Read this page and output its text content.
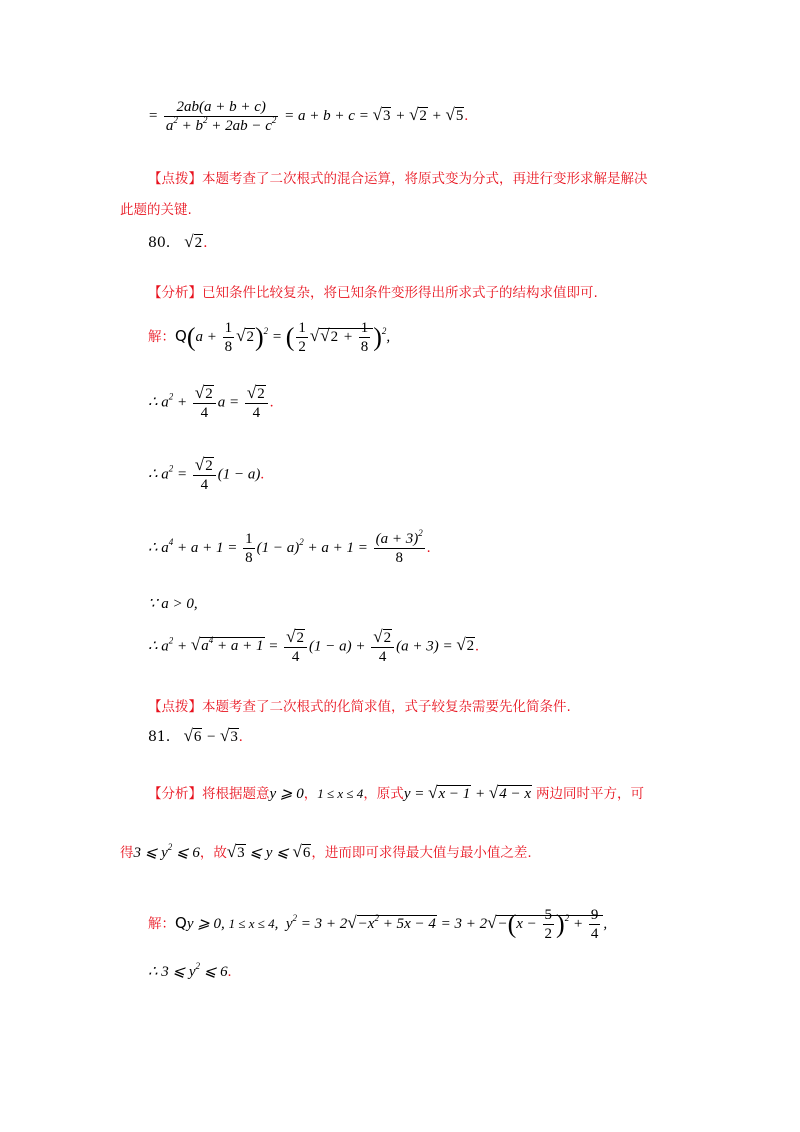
= $\frac{2ab(a + b + c)}{a^2 + b^2 + 2ab - c^2} = a + b + c = √3 + √2 + √5$.
【点拨】本题考查了二次根式的混合运算，将原式变为分式，再进行变形求解是解决
此题的关键.
80． √2.
【分析】已知条件比较复杂，将已知条件变形得出所求式子的结构求值即可.
解：$Q(a + \frac{1}{8} √2)^2$ = ( $\frac{1}{2} √√2 + \frac{1}{8} )^2$,
∴ $a^2 + \frac{√2}{4}$ $a = \frac{√2}{4}$ .
∴ $a^2 = \frac{√2}{4} (1 - a)$.
∴ $a^4 + a + 1 = \frac{1}{8} (1 - a)^2 + a + 1 = \frac{(a + 3)^2}{8}$ .
∵ a > 0,
∴ $a^2 + √a^4 + a + 1 = \frac{√2}{4} (1 - a) + \frac{√2}{4} (a + 3) = √2$.
【点拨】本题考查了二次根式的化简求值，式子较复杂需要先化简条件.
81． √6 − √3.
【分析】将根据题意y ⩾ 0，1 ≤ x ≤ 4，原式y = √x − 1 + √4 − x 两边同时平方，可
得3 ⩽ $y^2$ ⩽ 6，故√3 ⩽ y ⩽ √6，进而即可求得最大值与最小值之差.
解：Qy ⩾ 0, 1 ≤ x ≤ 4,  $y^2 = 3 + 2√-x^2 + 5x - 4 = 3 + 2√-(x - \frac{5}{2} )^2 + \frac{9}{4}$ ,
∴ 3 ⩽ $y^2$ ⩽ 6.
